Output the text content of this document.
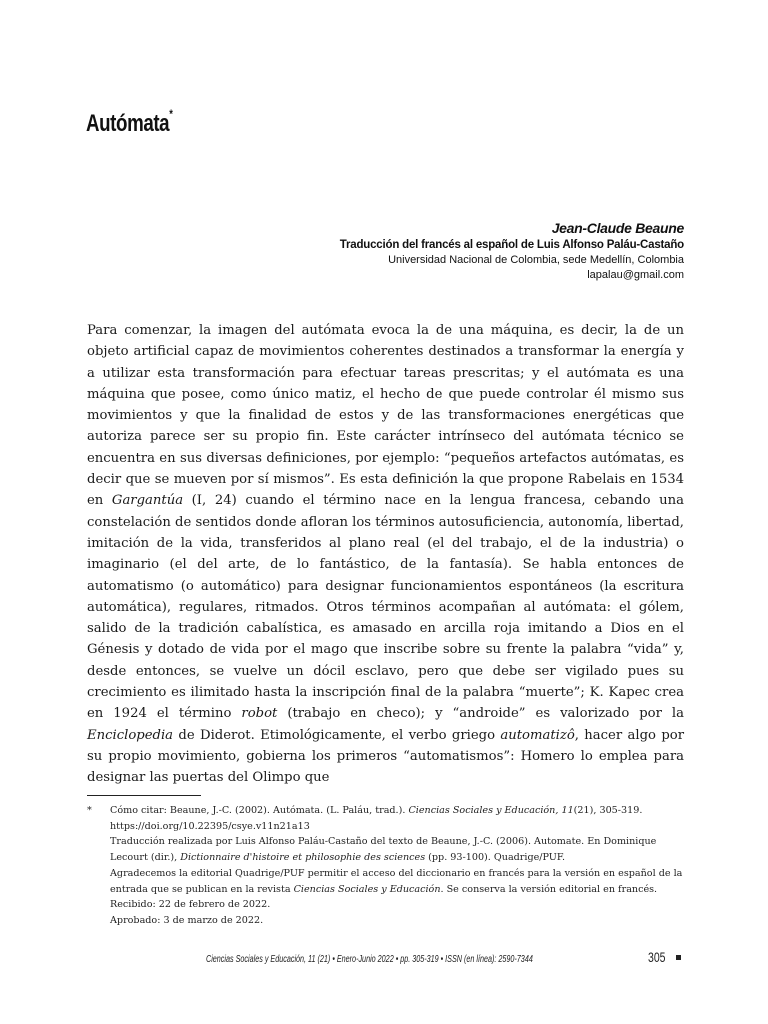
Autómata*
Jean-Claude Beaune
Traducción del francés al español de Luis Alfonso Paláu-Castaño
Universidad Nacional de Colombia, sede Medellín, Colombia
lapalau@gmail.com

Para comenzar, la imagen del autómata evoca la de una máquina, es decir, la de un objeto artificial capaz de movimientos coherentes destinados a transformar la energía y a utilizar esta transformación para efectuar tareas prescritas; y el autómata es una máquina que posee, como único matiz, el hecho de que puede controlar él mismo sus movimientos y que la finalidad de estos y de las transformaciones energéticas que autoriza parece ser su propio fin. Este carácter intrínseco del autómata técnico se encuentra en sus diversas definiciones, por ejemplo: “pequeños artefactos autómatas, es decir que se mueven por sí mismos”. Es esta definición la que propone Rabelais en 1534 en Gargantúa (I, 24) cuando el término nace en la lengua francesa, cebando una constelación de sentidos donde afloran los términos autosuficiencia, autonomía, libertad, imitación de la vida, transferidos al plano real (el del trabajo, el de la industria) o imaginario (el del arte, de lo fantástico, de la fantasía). Se habla entonces de automatismo (o automático) para designar funcionamientos espontáneos (la escritura automática), regulares, ritmados. Otros términos acompañan al autómata: el gólem, salido de la tradición cabalística, es amasado en arcilla roja imitando a Dios en el Génesis y dotado de vida por el mago que inscribe sobre su frente la palabra “vida” y, desde entonces, se vuelve un dócil esclavo, pero que debe ser vigilado pues su crecimiento es ilimitado hasta la inscripción final de la palabra “muerte”; K. Kapec crea en 1924 el término robot (trabajo en checo); y “androide” es valorizado por la Enciclopedia de Diderot. Etimológicamente, el verbo griego automatizô, hacer algo por su propio movimiento, gobierna los primeros “automatismos”: Homero lo emplea para designar las puertas del Olimpo que

*	Cómo citar: Beaune, J.-C. (2002). Autómata. (L. Paláu, trad.). Ciencias Sociales y Educación, 11(21), 305-319. https://doi.org/10.22395/csye.v11n21a13

Traducción realizada por Luis Alfonso Paláu-Castaño del texto de Beaune, J.-C. (2006). Automate. En Dominique Lecourt (dir.), Dictionnaire d'histoire et philosophie des sciences (pp. 93-100). Quadrige/PUF.

Agradecemos la editorial Quadrige/PUF permitir el acceso del diccionario en francés para la versión en español de la entrada que se publican en la revista Ciencias Sociales y Educación. Se conserva la versión editorial en francés.

Recibido: 22 de febrero de 2022.

Aprobado: 3 de marzo de 2022.

Ciencias Sociales y Educación, 11 (21) • Enero-Junio 2022 • pp. 305-319 • ISSN (en línea): 2590-7344	305
